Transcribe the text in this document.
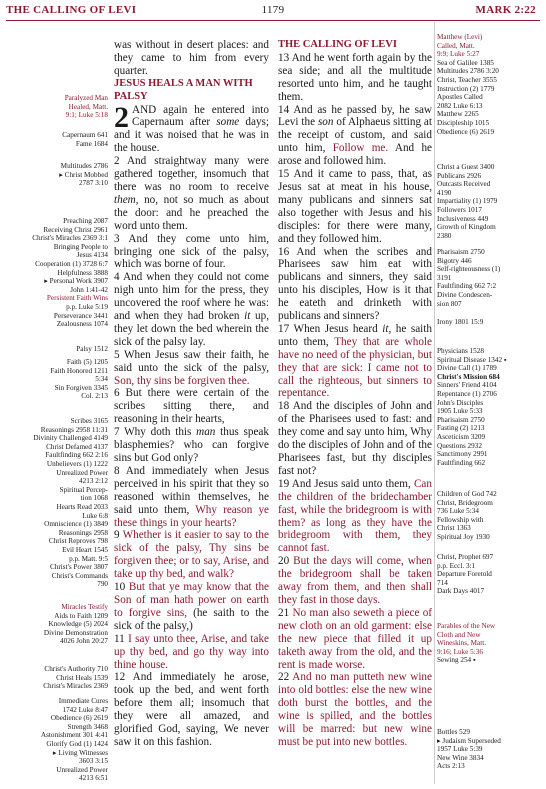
THE CALLING OF LEVI	1179	MARK 2:22
Paralyzed Man
Healed, Matt.
9:1; Luke 5:18
Capernaum 641
Fame 1684
Multitudes 2786
▸ Christ Mobbed
2787 3:10
Preaching 2087
Receiving Christ 2961
Christ's Miracles 2369 3:1
Bringing People to
Jesus 4134
Cooperation (1) 3728 6:7
Helpfulness 3888
▸ Personal Work 3907
John 1:41-42
Persistent Faith Wins
p.p. Luke 5:19
Perseverance 3441
Zealousness 1074
Palsy 1512
Faith (5) 1205
Faith Honored 1211
5:34
Sin Forgiven 3345
Col. 2:13
Scribes 3165
Reasonings 2958 11:31
Divinity Challenged 4149
Christ Defamed 4137
Faultfinding 662 2:16
Unbelievers (1) 1222
Unrealized Power
4213 2:12
Spiritual Percep-
tion 1068
Hearts Read 2033
Luke 6:8
Omniscience (1) 3849
Reasonings 2958
Christ Reproves 798
Evil Heart 1545
p.p. Matt. 9:5
Christ's Power 3807
Christ's Commands
790
Miracles Testify
Aids to Faith 1209
Knowledge (5) 2024
Divine Demonstration
4026 John 20:27
Christ's Authority 710
Christ Heals 1539
Christ's Miracles 2369
Immediate Cures
1742 Luke 8:47
Obedience (6) 2619
Strength 3468
Astonishment 301 4:41
Glorify God (1) 1424
▸ Living Witnesses
3603 3:15
Unrealized Power
4213 6:51

was without in desert places: and they came to him from every quarter.

JESUS HEALS A MAN WITH PALSY

2 AND again he entered into Capernaum after some days; and it was noised that he was in the house.

2 And straightway many were gathered together, insomuch that there was no room to receive them, no, not so much as about the door: and he preached the word unto them.

3 And they come unto him, bringing one sick of the palsy, which was borne of four.

4 And when they could not come nigh unto him for the press, they uncovered the roof where he was: and when they had broken it up, they let down the bed wherein the sick of the palsy lay.

5 When Jesus saw their faith, he said unto the sick of the palsy, Son, thy sins be forgiven thee.

6 But there were certain of the scribes sitting there, and reasoning in their hearts,

7 Why doth this man thus speak blasphemies? who can forgive sins but God only?

8 And immediately when Jesus perceived in his spirit that they so reasoned within themselves, he said unto them, Why reason ye these things in your hearts?

9 Whether is it easier to say to the sick of the palsy, Thy sins be forgiven thee; or to say, Arise, and take up thy bed, and walk?

10 But that ye may know that the Son of man hath power on earth to forgive sins, (he saith to the sick of the palsy,)

11 I say unto thee, Arise, and take up thy bed, and go thy way into thine house.

12 And immediately he arose, took up the bed, and went forth before them all; insomuch that they were all amazed, and glorified God, saying, We never saw it on this fashion.

THE CALLING OF LEVI

13 And he went forth again by the sea side; and all the multitude resorted unto him, and he taught them.

14 And as he passed by, he saw Levi the son of Alphaeus sitting at the receipt of custom, and said unto him, Follow me. And he arose and followed him.

15 And it came to pass, that, as Jesus sat at meat in his house, many publicans and sinners sat also together with Jesus and his disciples: for there were many, and they followed him.

16 And when the scribes and Pharisees saw him eat with publicans and sinners, they said unto his disciples, How is it that he eateth and drinketh with publicans and sinners?

17 When Jesus heard it, he saith unto them, They that are whole have no need of the physician, but they that are sick: I came not to call the righteous, but sinners to repentance.

18 And the disciples of John and of the Pharisees used to fast: and they come and say unto him, Why do the disciples of John and of the Pharisees fast, but thy disciples fast not?

19 And Jesus said unto them, Can the children of the bridechamber fast, while the bridegroom is with them? as long as they have the bridegroom with them, they cannot fast.

20 But the days will come, when the bridegroom shall be taken away from them, and then shall they fast in those days.

21 No man also seweth a piece of new cloth on an old garment: else the new piece that filled it up taketh away from the old, and the rent is made worse.

22 And no man putteth new wine into old bottles: else the new wine doth burst the bottles, and the wine is spilled, and the bottles will be marred: but new wine must be put into new bottles.

Matthew (Levi)
Called, Matt.
9:9; Luke 5:27
Sea of Galilee 1385
Multitudes 2786 3:20
Christ, Teacher 3555
Instruction (2) 1779
Apostles Called
2082 Luke 6:13
Matthew 2265
Discipleship 1015
Obedience (6) 2619
Christ a Guest 3400
Publicans 2926
Outcasts Received
4190
Impartiality (1) 1979
Followers 1017
Inclusiveness 449
Growth of Kingdom
2380
Pharisaism 2750
Bigotry 446
Self-righteousness (1)
3191
Faultfinding 662 7:2
Divine Condescen-
sion 807
Irony 1801 15:9
Physicians 1528
Spiritual Disease 1342 ▪
Divine Call (1) 1789
Christ's Mission 684
Sinners' Friend 4104
Repentance (1) 2706
John's Disciples
1905 Luke 5:33
Pharisaism 2750
Fasting (2) 1213
Asceticism 3209
Questions 2932
Sanctimony 2991
Faultfinding 662
Children of God 742
Christ, Bridegroom
736 Luke 5:34
Fellowship with
Christ 1363
Spiritual Joy 1930
Christ, Prophet 697
p.p. Eccl. 3:1
Departure Foretold
714
Dark Days 4017
Parables of the New
Cloth and New
Wineskins, Matt.
9:16; Luke 5:36
Sewing 254 ▪
Bottles 529
▸ Judaism Superseded
1957 Luke 5:39
New Wine 3834
Acts 2:13
